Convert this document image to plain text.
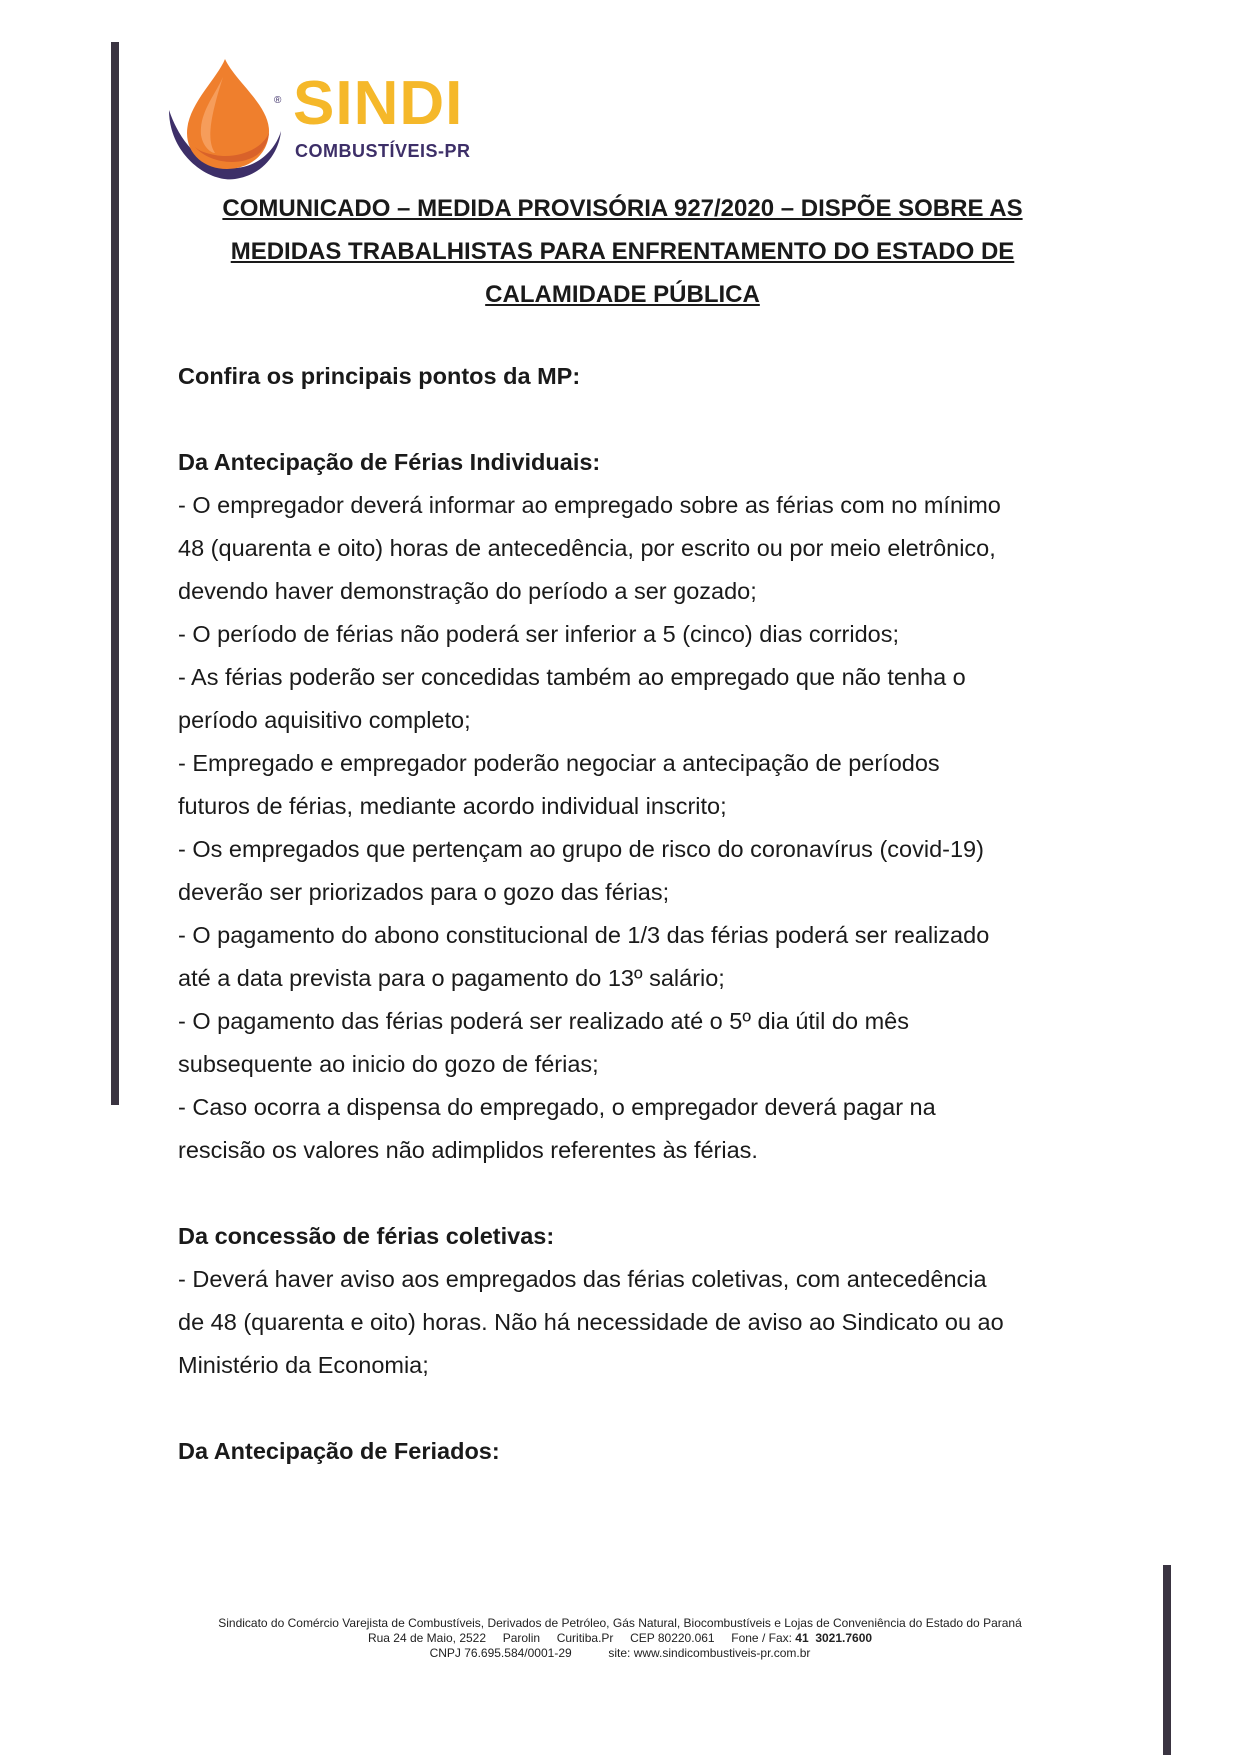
® SINDI
COMBUSTÍVEIS-PR
COMUNICADO – MEDIDA PROVISÓRIA 927/2020 – DISPÕE SOBRE AS
MEDIDAS TRABALHISTAS PARA ENFRENTAMENTO DO ESTADO DE
CALAMIDADE PÚBLICA

Confira os principais pontos da MP:

Da Antecipação de Férias Individuais:

- O empregador deverá informar ao empregado sobre as férias com no mínimo

48 (quarenta e oito) horas de antecedência, por escrito ou por meio eletrônico,

devendo haver demonstração do período a ser gozado;

- O período de férias não poderá ser inferior a 5 (cinco) dias corridos;

- As férias poderão ser concedidas também ao empregado que não tenha o

período aquisitivo completo;

- Empregado e empregador poderão negociar a antecipação de períodos

futuros de férias, mediante acordo individual inscrito;

- Os empregados que pertençam ao grupo de risco do coronavírus (covid-19)

deverão ser priorizados para o gozo das férias;

- O pagamento do abono constitucional de 1/3 das férias poderá ser realizado

até a data prevista para o pagamento do 13º salário;

- O pagamento das férias poderá ser realizado até o 5º dia útil do mês

subsequente ao inicio do gozo de férias;

- Caso ocorra a dispensa do empregado, o empregador deverá pagar na

rescisão os valores não adimplidos referentes às férias.

Da concessão de férias coletivas:

- Deverá haver aviso aos empregados das férias coletivas, com antecedência

de 48 (quarenta e oito) horas. Não há necessidade de aviso ao Sindicato ou ao

Ministério da Economia;

Da Antecipação de Feriados:

Sindicato do Comércio Varejista de Combustíveis, Derivados de Petróleo, Gás Natural, Biocombustíveis e Lojas de Conveniência do Estado do Paraná
Rua 24 de Maio, 2522     Parolin     Curitiba.Pr     CEP 80220.061     Fone / Fax: 41  3021.7600
CNPJ 76.695.584/0001-29	site: www.sindicombustiveis-pr.com.br
